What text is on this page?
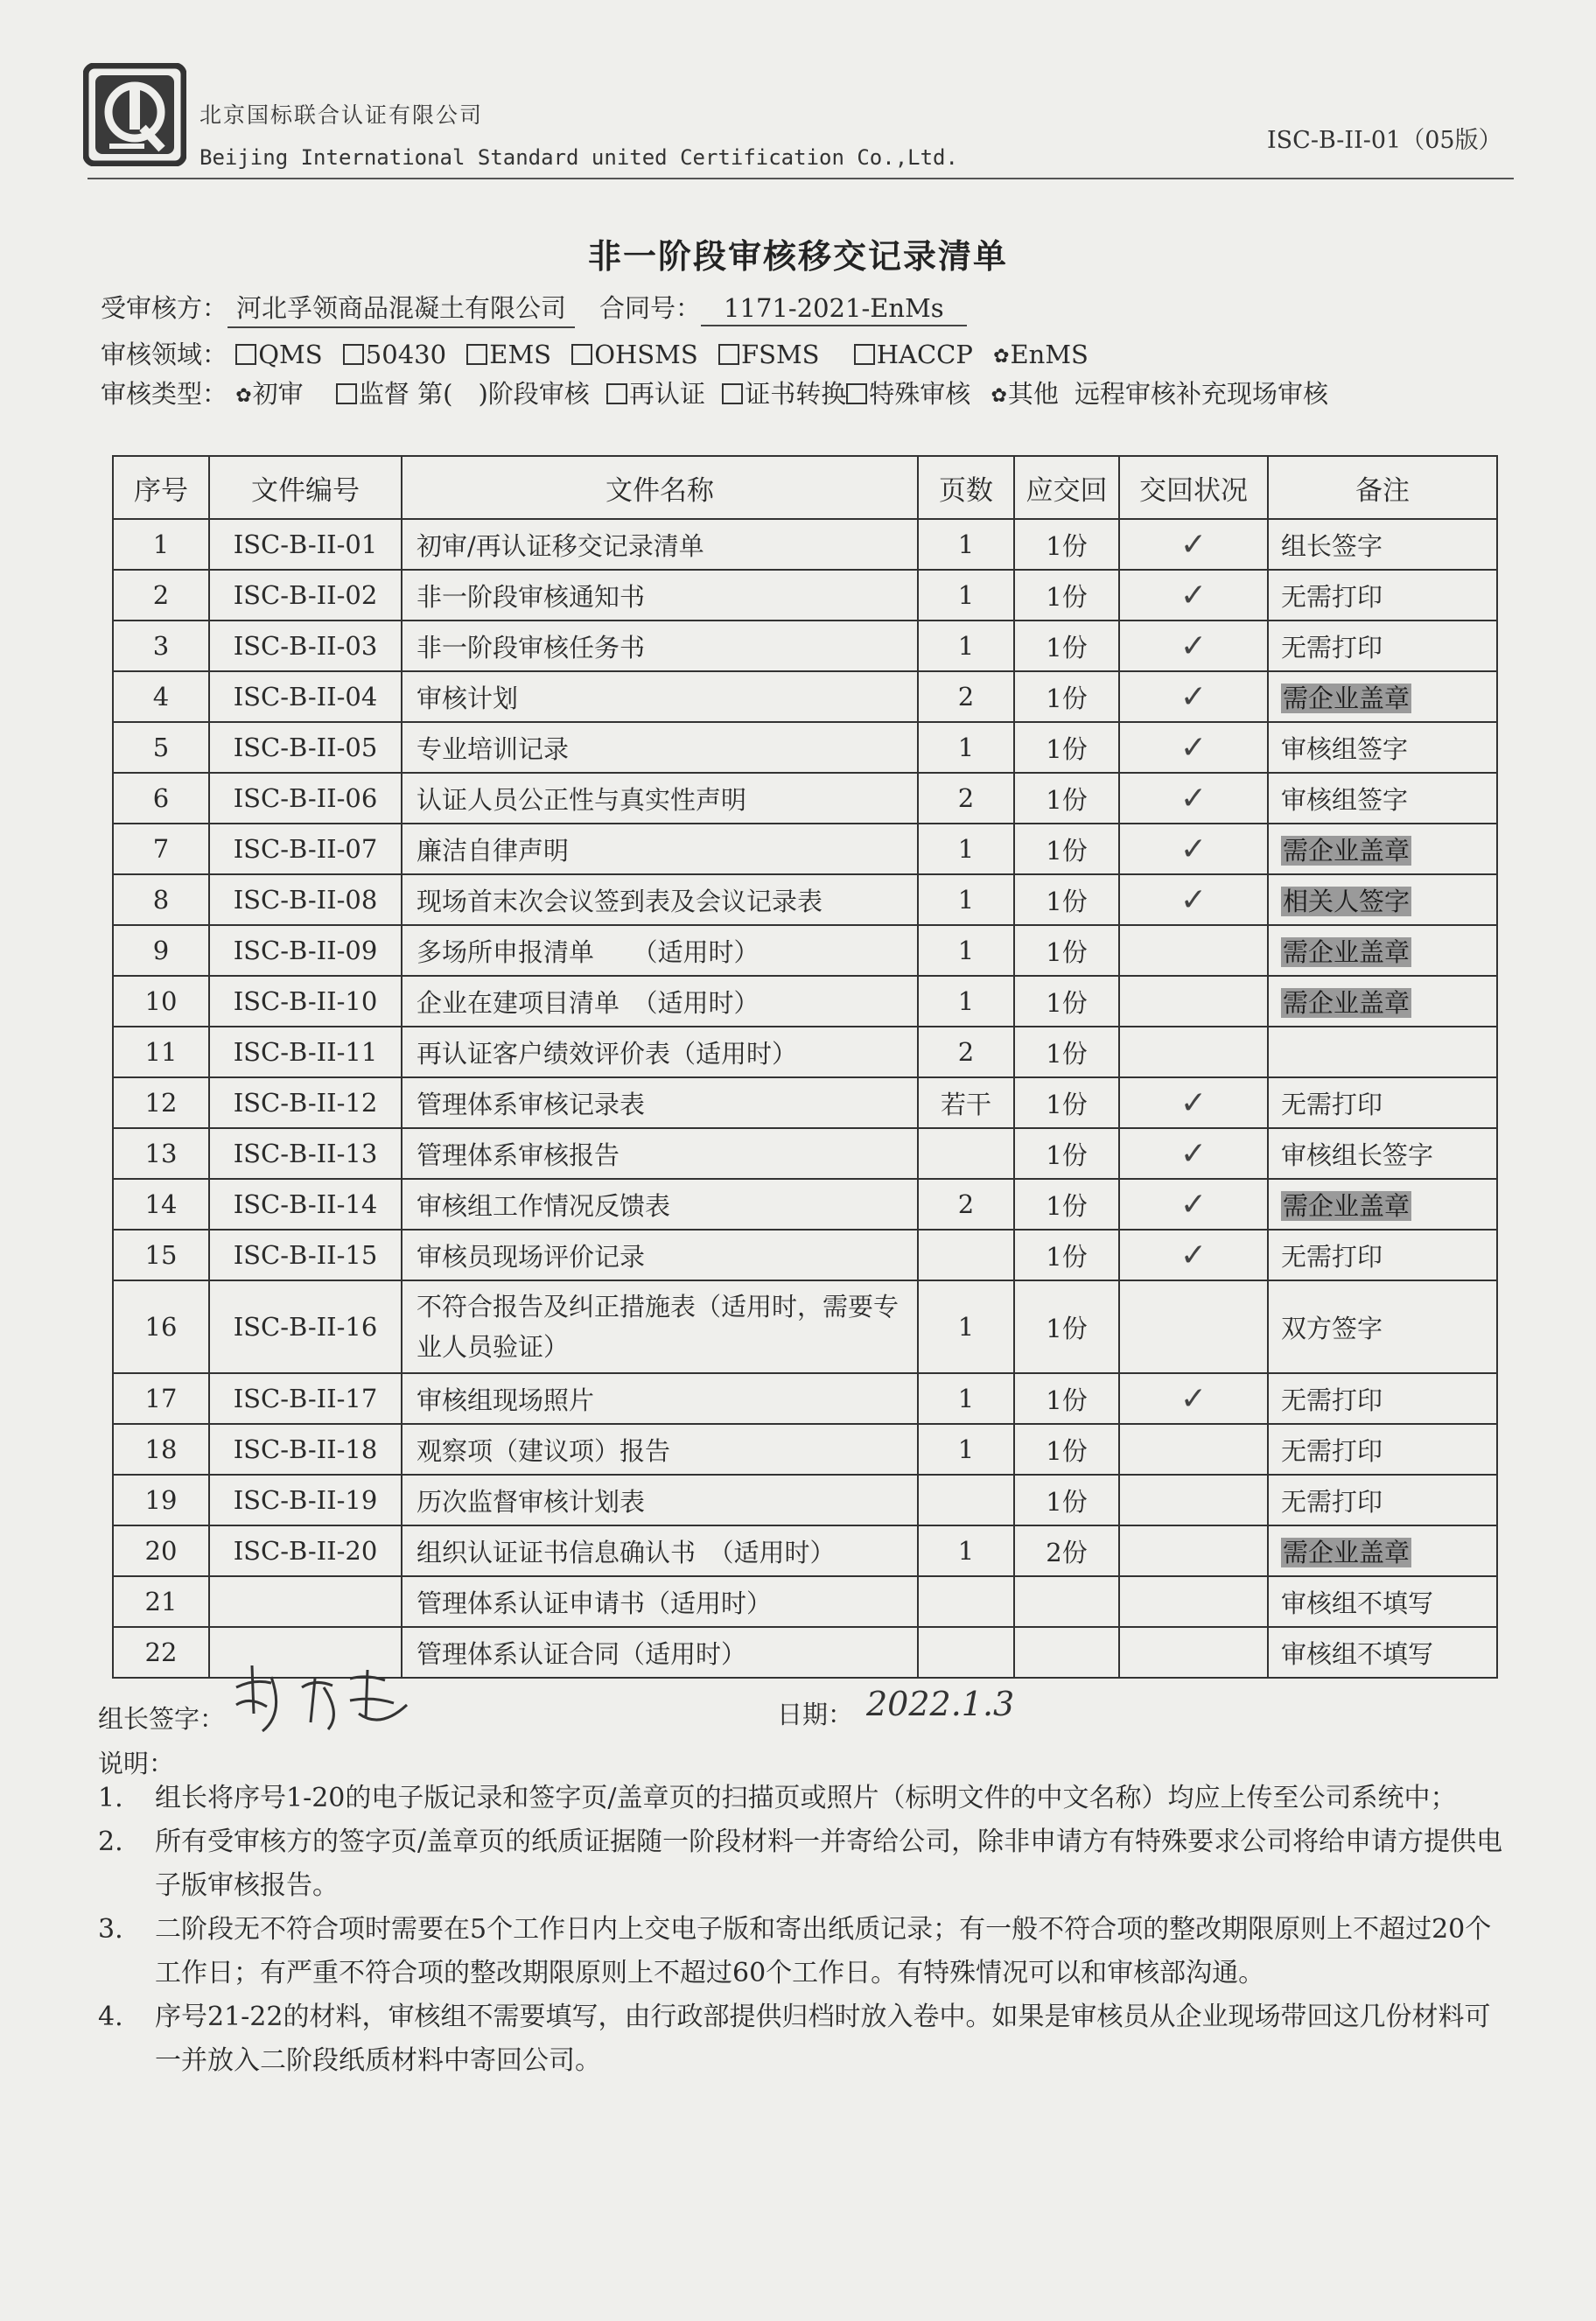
北京国标联合认证有限公司
Beijing International Standard united Certification Co.,Ltd.
ISC-B-II-01（05版）
非一阶段审核移交记录清单
受审核方： 河北孚领商品混凝土有限公司 合同号： 1171-2021-EnMs
审核领域： QMS 50430 EMS OHSMS FSMS HACCP ✿EnMS
审核类型： ✿初审 监督 第(　)阶段审核 再认证 证书转换 特殊审核 ✿其他 远程审核补充现场审核
序号	文件编号	文件名称	页数	应交回	交回状况	备注
1	ISC-B-II-01	初审/再认证移交记录清单	1	1份	✓	组长签字
2	ISC-B-II-02	非一阶段审核通知书	1	1份	✓	无需打印
3	ISC-B-II-03	非一阶段审核任务书	1	1份	✓	无需打印
4	ISC-B-II-04	审核计划	2	1份	✓	需企业盖章
5	ISC-B-II-05	专业培训记录	1	1份	✓	审核组签字
6	ISC-B-II-06	认证人员公正性与真实性声明	2	1份	✓	审核组签字
7	ISC-B-II-07	廉洁自律声明	1	1份	✓	需企业盖章
8	ISC-B-II-08	现场首末次会议签到表及会议记录表	1	1份	✓	相关人签字
9	ISC-B-II-09	多场所申报清单　　（适用时）	1	1份		需企业盖章
10	ISC-B-II-10	企业在建项目清单　（适用时）	1	1份		需企业盖章
11	ISC-B-II-11	再认证客户绩效评价表（适用时）	2	1份		
12	ISC-B-II-12	管理体系审核记录表	若干	1份	✓	无需打印
13	ISC-B-II-13	管理体系审核报告		1份	✓	审核组长签字
14	ISC-B-II-14	审核组工作情况反馈表	2	1份	✓	需企业盖章
15	ISC-B-II-15	审核员现场评价记录		1份	✓	无需打印
16	ISC-B-II-16	不符合报告及纠正措施表（适用时，需要专业人员验证）	1	1份		双方签字
17	ISC-B-II-17	审核组现场照片	1	1份	✓	无需打印
18	ISC-B-II-18	观察项（建议项）报告	1	1份		无需打印
19	ISC-B-II-19	历次监督审核计划表		1份		无需打印
20	ISC-B-II-20	组织认证证书信息确认书　（适用时）	1	2份		需企业盖章
21		管理体系认证申请书（适用时）				审核组不填写
22		管理体系认证合同（适用时）				审核组不填写
组长签字：	日期： 2022.1.3
说明：
1.	组长将序号1-20的电子版记录和签字页/盖章页的扫描页或照片（标明文件的中文名称）均应上传至公司系统中；
2.	所有受审核方的签字页/盖章页的纸质证据随一阶段材料一并寄给公司，除非申请方有特殊要求公司将给申请方提供电子版审核报告。
3.	二阶段无不符合项时需要在5个工作日内上交电子版和寄出纸质记录；有一般不符合项的整改期限原则上不超过20个工作日；有严重不符合项的整改期限原则上不超过60个工作日。有特殊情况可以和审核部沟通。
4.	序号21-22的材料，审核组不需要填写，由行政部提供归档时放入卷中。如果是审核员从企业现场带回这几份材料可一并放入二阶段纸质材料中寄回公司。
